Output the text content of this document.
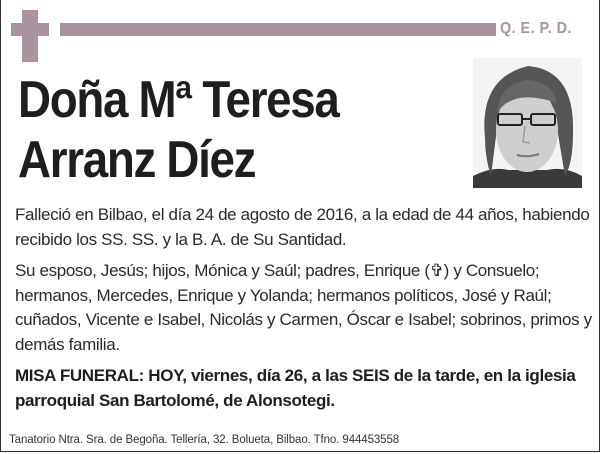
Q. E. P. D.
Doña Mª Teresa
Arranz Díez

Falleció en Bilbao, el día 24 de agosto de 2016, a la edad de 44 años, habiendo recibido los SS. SS. y la B. A. de Su Santidad.

Su esposo, Jesús; hijos, Mónica y Saúl; padres, Enrique (✞) y Consuelo; hermanos, Mercedes, Enrique y Yolanda; hermanos políticos, José y Raúl; cuñados, Vicente e Isabel, Nicolás y Carmen, Óscar e Isabel; sobrinos, primos y demás familia.

MISA FUNERAL: HOY, viernes, día 26, a las SEIS de la tarde, en la iglesia parroquial San Bartolomé, de Alonsotegi.

Tanatorio Ntra. Sra. de Begoña. Tellería, 32. Bolueta, Bilbao. Tfno. 944453558
